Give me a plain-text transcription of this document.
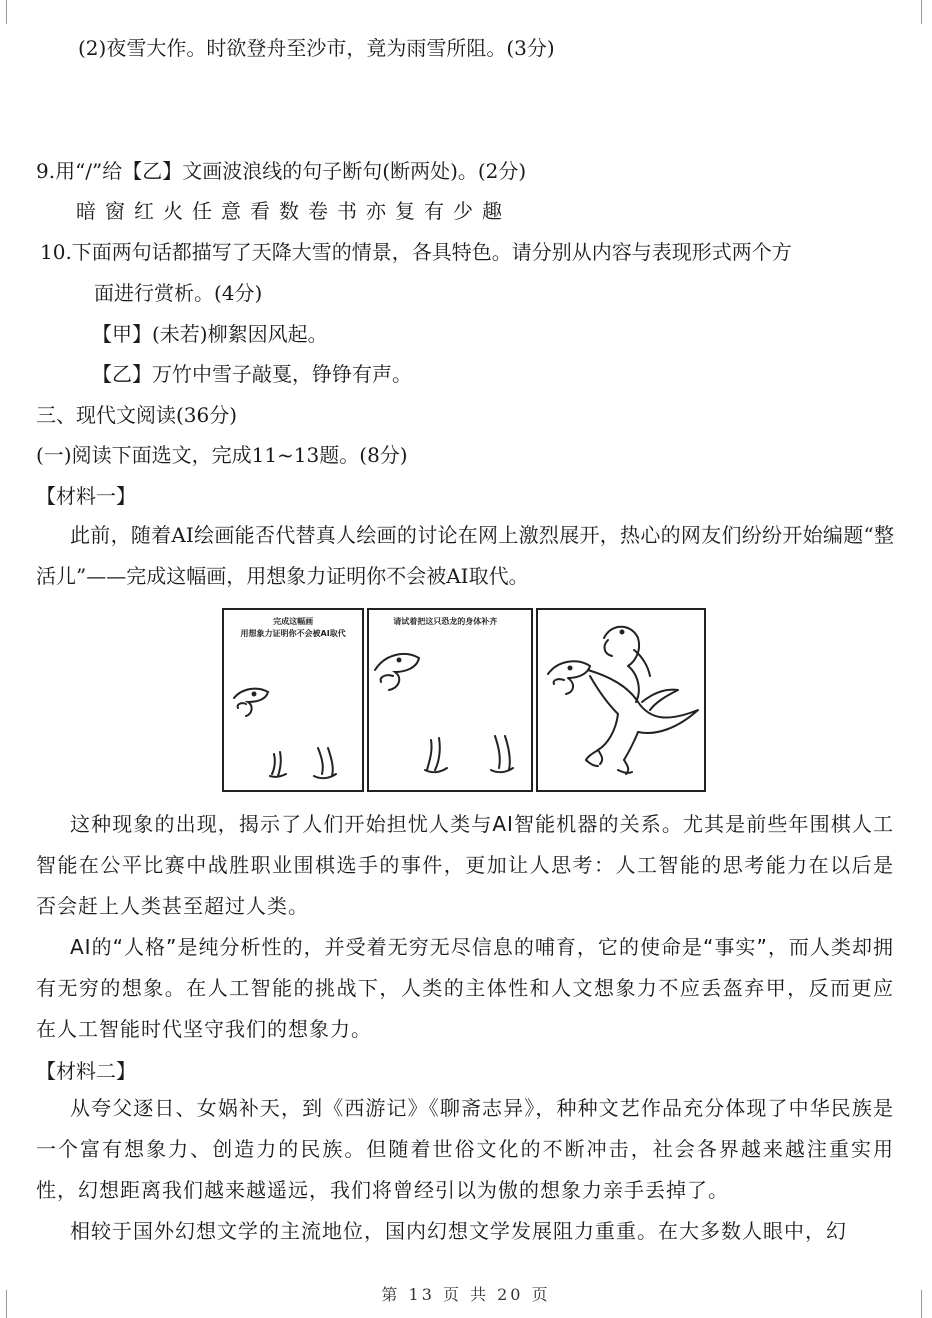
(2)夜雪大作。时欲登舟至沙市，竟为雨雪所阻。(3分)
9.用“/”给【乙】文画波浪线的句子断句(断两处)。(2分)
暗窗红火任意看数卷书亦复有少趣
10.下面两句话都描写了天降大雪的情景，各具特色。请分别从内容与表现形式两个方
面进行赏析。(4分)
【甲】(未若)柳絮因风起。
【乙】万竹中雪子敲戛，铮铮有声。
三、现代文阅读(36分)
(一)阅读下面选文，完成11~13题。(8分)
【材料一】

此前，随着AI绘画能否代替真人绘画的讨论在网上激烈展开，热心的网友们纷纷开始编题“整活儿”——完成这幅画，用想象力证明你不会被AI取代。

完成这幅画
用想象力证明你不会被AI取代
请试着把这只恐龙的身体补齐

这种现象的出现，揭示了人们开始担忧人类与AI智能机器的关系。尤其是前些年围棋人工智能在公平比赛中战胜职业围棋选手的事件，更加让人思考：人工智能的思考能力在以后是否会赶上人类甚至超过人类。

AI的“人格”是纯分析性的，并受着无穷无尽信息的哺育，它的使命是“事实”，而人类却拥有无穷的想象。在人工智能的挑战下，人类的主体性和人文想象力不应丢盔弃甲，反而更应在人工智能时代坚守我们的想象力。

【材料二】

从夸父逐日、女娲补天，到《西游记》《聊斋志异》，种种文艺作品充分体现了中华民族是一个富有想象力、创造力的民族。但随着世俗文化的不断冲击，社会各界越来越注重实用性，幻想距离我们越来越遥远，我们将曾经引以为傲的想象力亲手丢掉了。

相较于国外幻想文学的主流地位，国内幻想文学发展阻力重重。在大多数人眼中，幻

第 13 页 共 20 页
